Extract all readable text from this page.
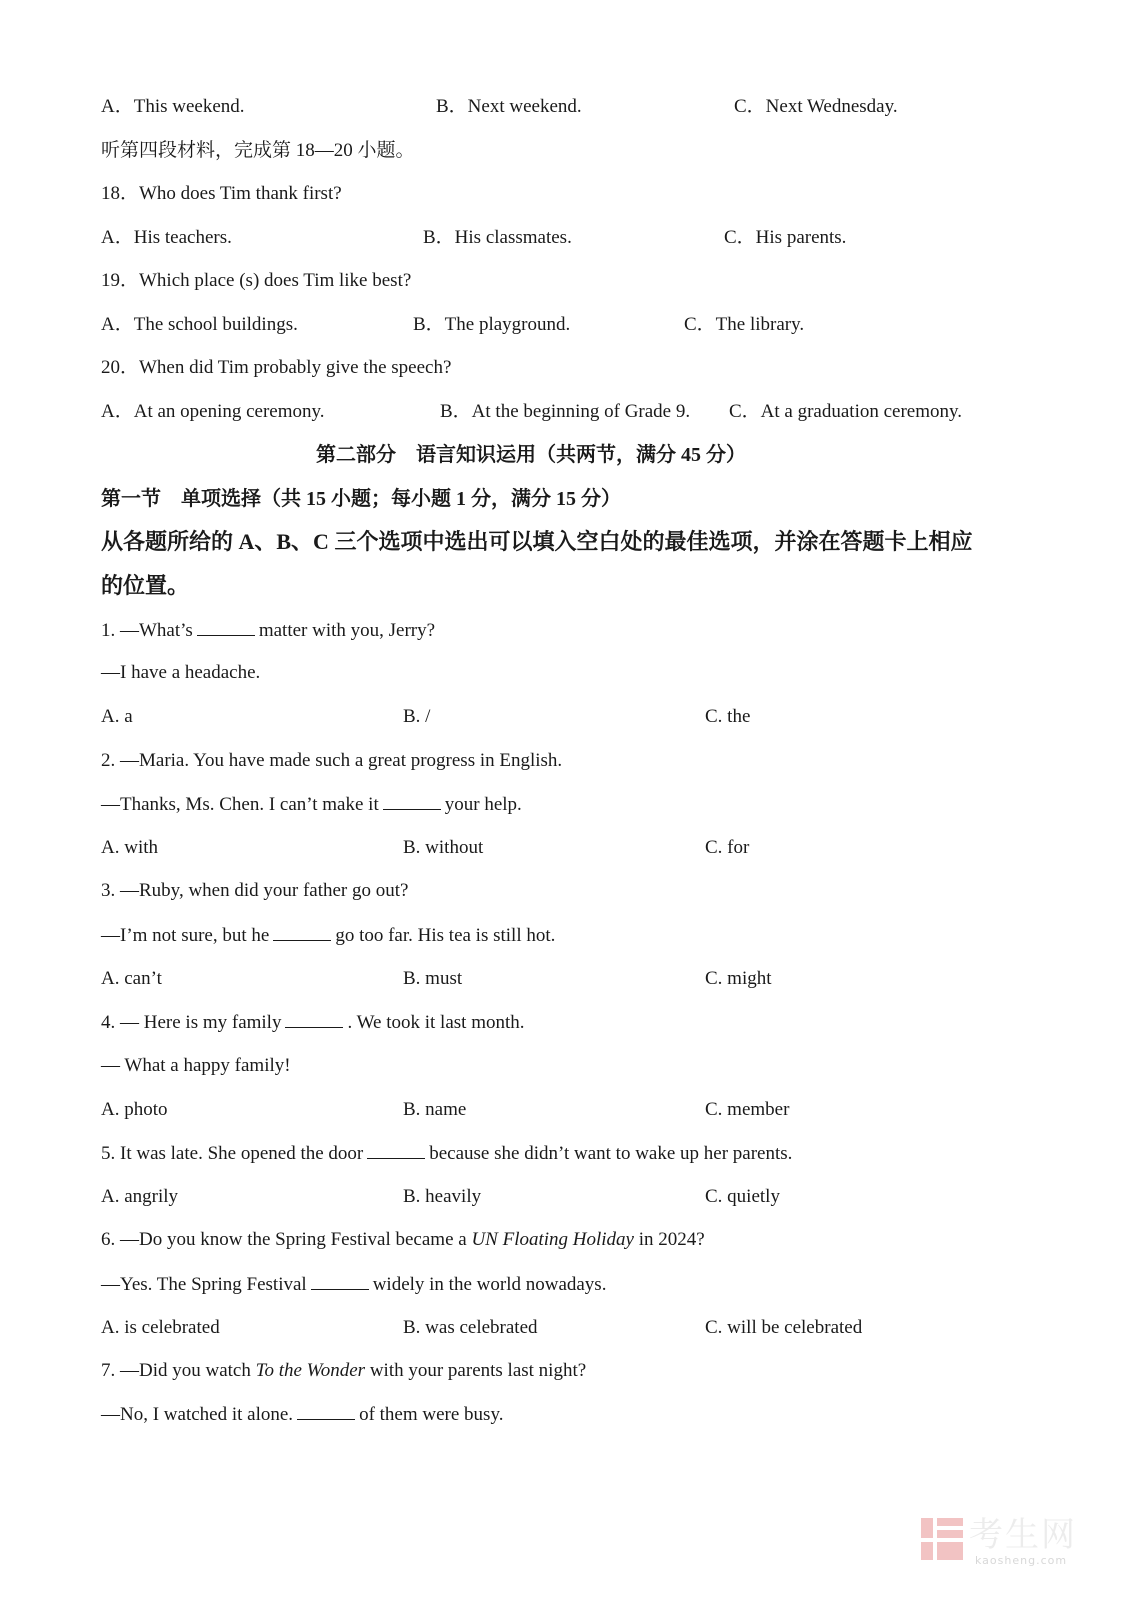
A．This weekend.	B．Next weekend.	C．Next Wednesday.
听第四段材料，完成第 18—20 小题。
18．Who does Tim thank first?
A．His teachers.	B．His classmates.	C．His parents.
19．Which place (s) does Tim like best?
A．The school buildings.	B．The playground.	C．The library.
20．When did Tim probably give the speech?
A．At an opening ceremony.	B．At the beginning of Grade 9. C．At a graduation ceremony.
第二部分　语言知识运用（共两节，满分 45 分）
第一节　单项选择（共 15 小题；每小题 1 分，满分 15 分）
从各题所给的 A、B、C 三个选项中选出可以填入空白处的最佳选项，并涂在答题卡上相应
的位置。
1. —What’s	matter with you, Jerry?
—I have a headache.
A. a	B. /	C. the
2. —Maria. You have made such a great progress in English.
—Thanks, Ms. Chen. I can’t make it	your help.
A. with	B. without	C. for
3. —Ruby, when did your father go out?
—I’m not sure, but he	go too far. His tea is still hot.
A. can’t	B. must	C. might
4. — Here is my family	. We took it last month.
— What a happy family!
A. photo	B. name	C. member
5. It was late. She opened the door	because she didn’t want to wake up her parents.
A. angrily	B. heavily	C. quietly
6. —Do you know the Spring Festival became a UN Floating Holiday in 2024?
—Yes. The Spring Festival	widely in the world nowadays.
A. is celebrated	B. was celebrated	C. will be celebrated
7. —Did you watch To the Wonder with your parents last night?
—No, I watched it alone.	of them were busy.
考生网
kaosheng.com
